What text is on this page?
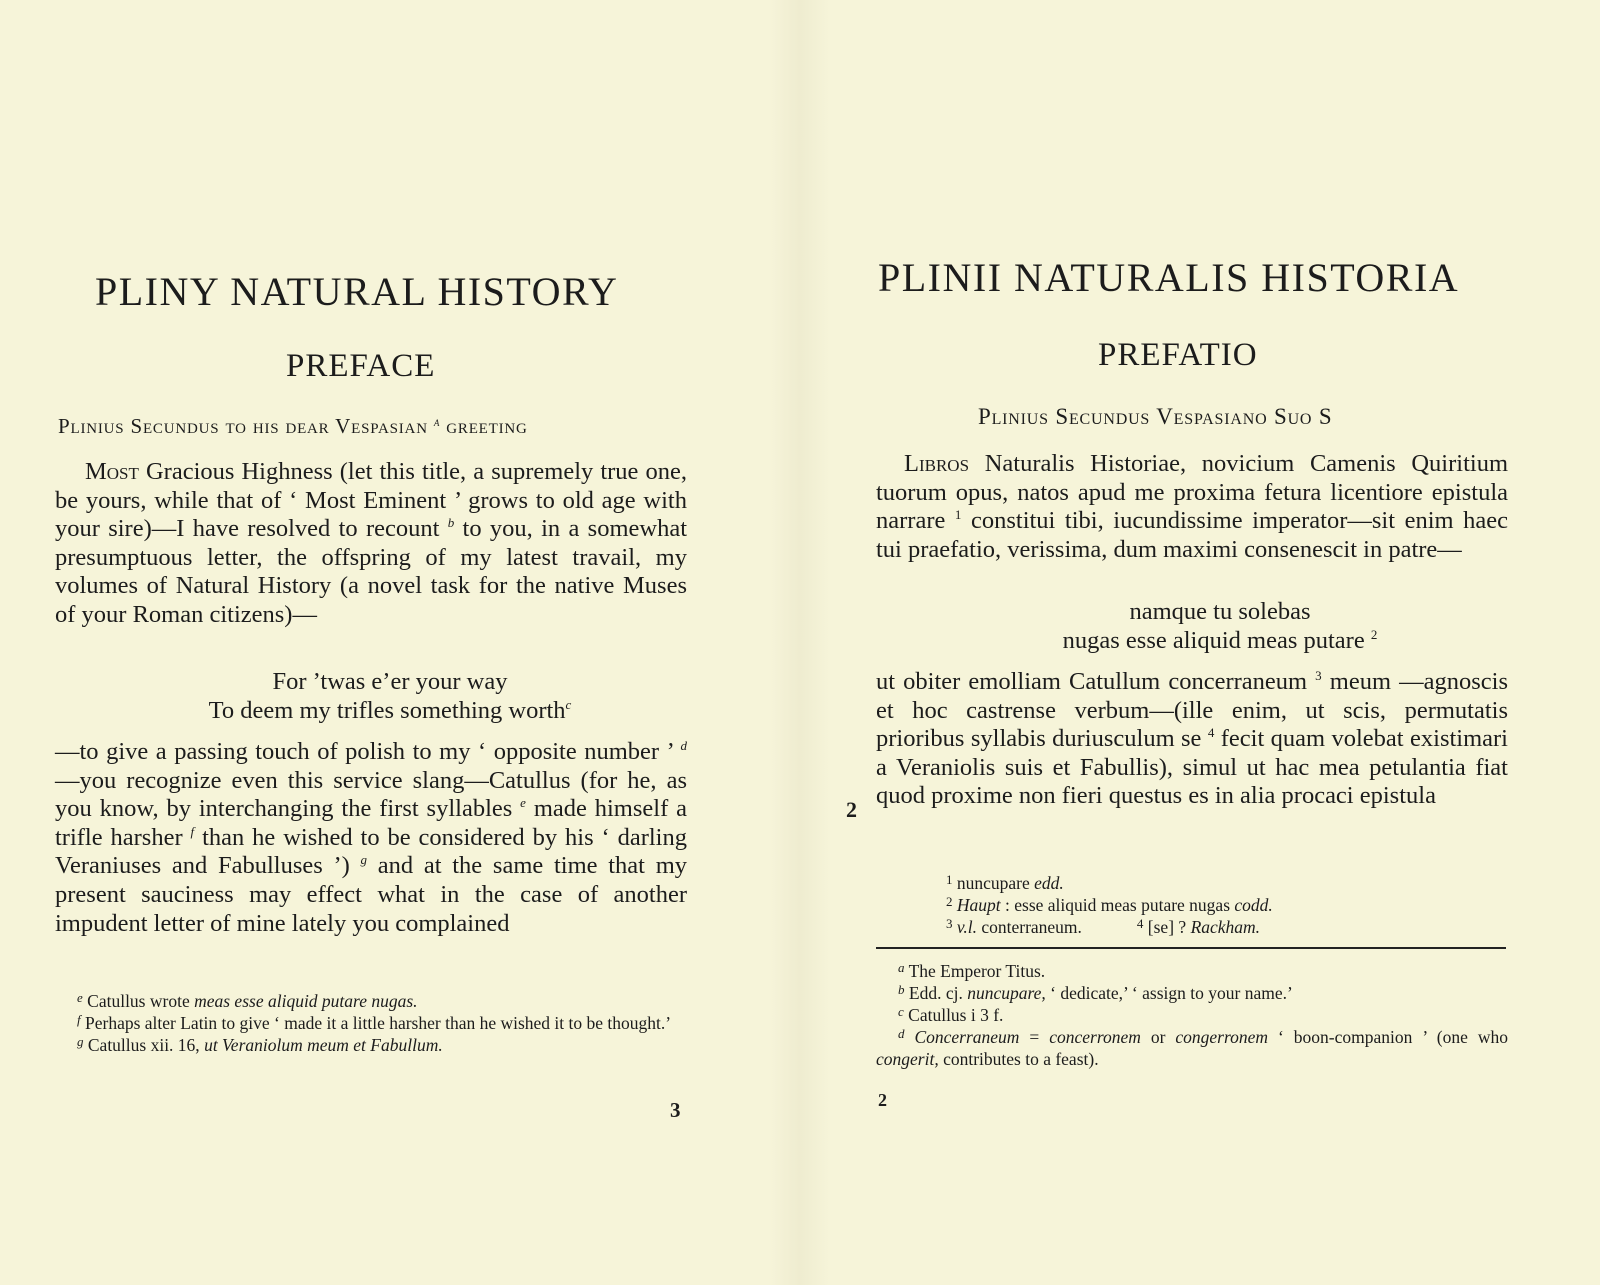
PLINY NATURAL HISTORY
PREFACE
Plinius Secundus to his dear Vespasian $^a$ greeting

Most Gracious Highness (let this title, a supremely true one, be yours, while that of ‘ Most Eminent ’ grows to old age with your sire)—I have resolved to recount $^b$ to you, in a somewhat presumptuous letter, the offspring of my latest travail, my volumes of Natural History (a novel task for the native Muses of your Roman citizens)—

For ’twas e’er your way
To deem my trifles something worth$^c$

—to give a passing touch of polish to my ‘ opposite number ’ $^d$—you recognize even this service slang—Catullus (for he, as you know, by interchanging the first syllables $^e$ made himself a trifle harsher $^f$ than he wished to be considered by his ‘ darling Veraniuses and Fabulluses ’) $^g$ and at the same time that my present sauciness may effect what in the case of another impudent letter of mine lately you complained

$^e$ Catullus wrote meas esse aliquid putare nugas.

$^f$ Perhaps alter Latin to give ‘ made it a little harsher than he wished it to be thought.’

$^g$ Catullus xii. 16, ut Veraniolum meum et Fabullum.

3
PLINII NATURALIS HISTORIA
PREFATIO
Plinius Secundus Vespasiano Suo S

Libros Naturalis Historiae, novicium Camenis Quiritium tuorum opus, natos apud me proxima fetura licentiore epistula narrare $^1$ constitui tibi, iucundissime imperator—sit enim haec tui praefatio, verissima, dum maximi consenescit in patre—

namque tu solebas
nugas esse aliquid meas putare $^2$

ut obiter emolliam Catullum concerraneum $^3$ meum —agnoscis et hoc castrense verbum—(ille enim, ut scis, permutatis prioribus syllabis duriusculum se $^4$ fecit quam volebat existimari a Veraniolis suis et Fabullis), simul ut hac mea petulantia fiat quod proxime non fieri questus es in alia procaci epistula

2

$^1$ nuncupare edd.

$^2$ Haupt : esse aliquid meas putare nugas codd.

$^3$ v.l. conterraneum.	$^4$ [se] ? Rackham.

$^a$ The Emperor Titus.

$^b$ Edd. cj. nuncupare, ‘ dedicate,’ ‘ assign to your name.’

$^c$ Catullus i 3 f.

$^d$ Concerraneum = concerronem or congerronem ‘ boon-companion ’ (one who congerit, contributes to a feast).

2
